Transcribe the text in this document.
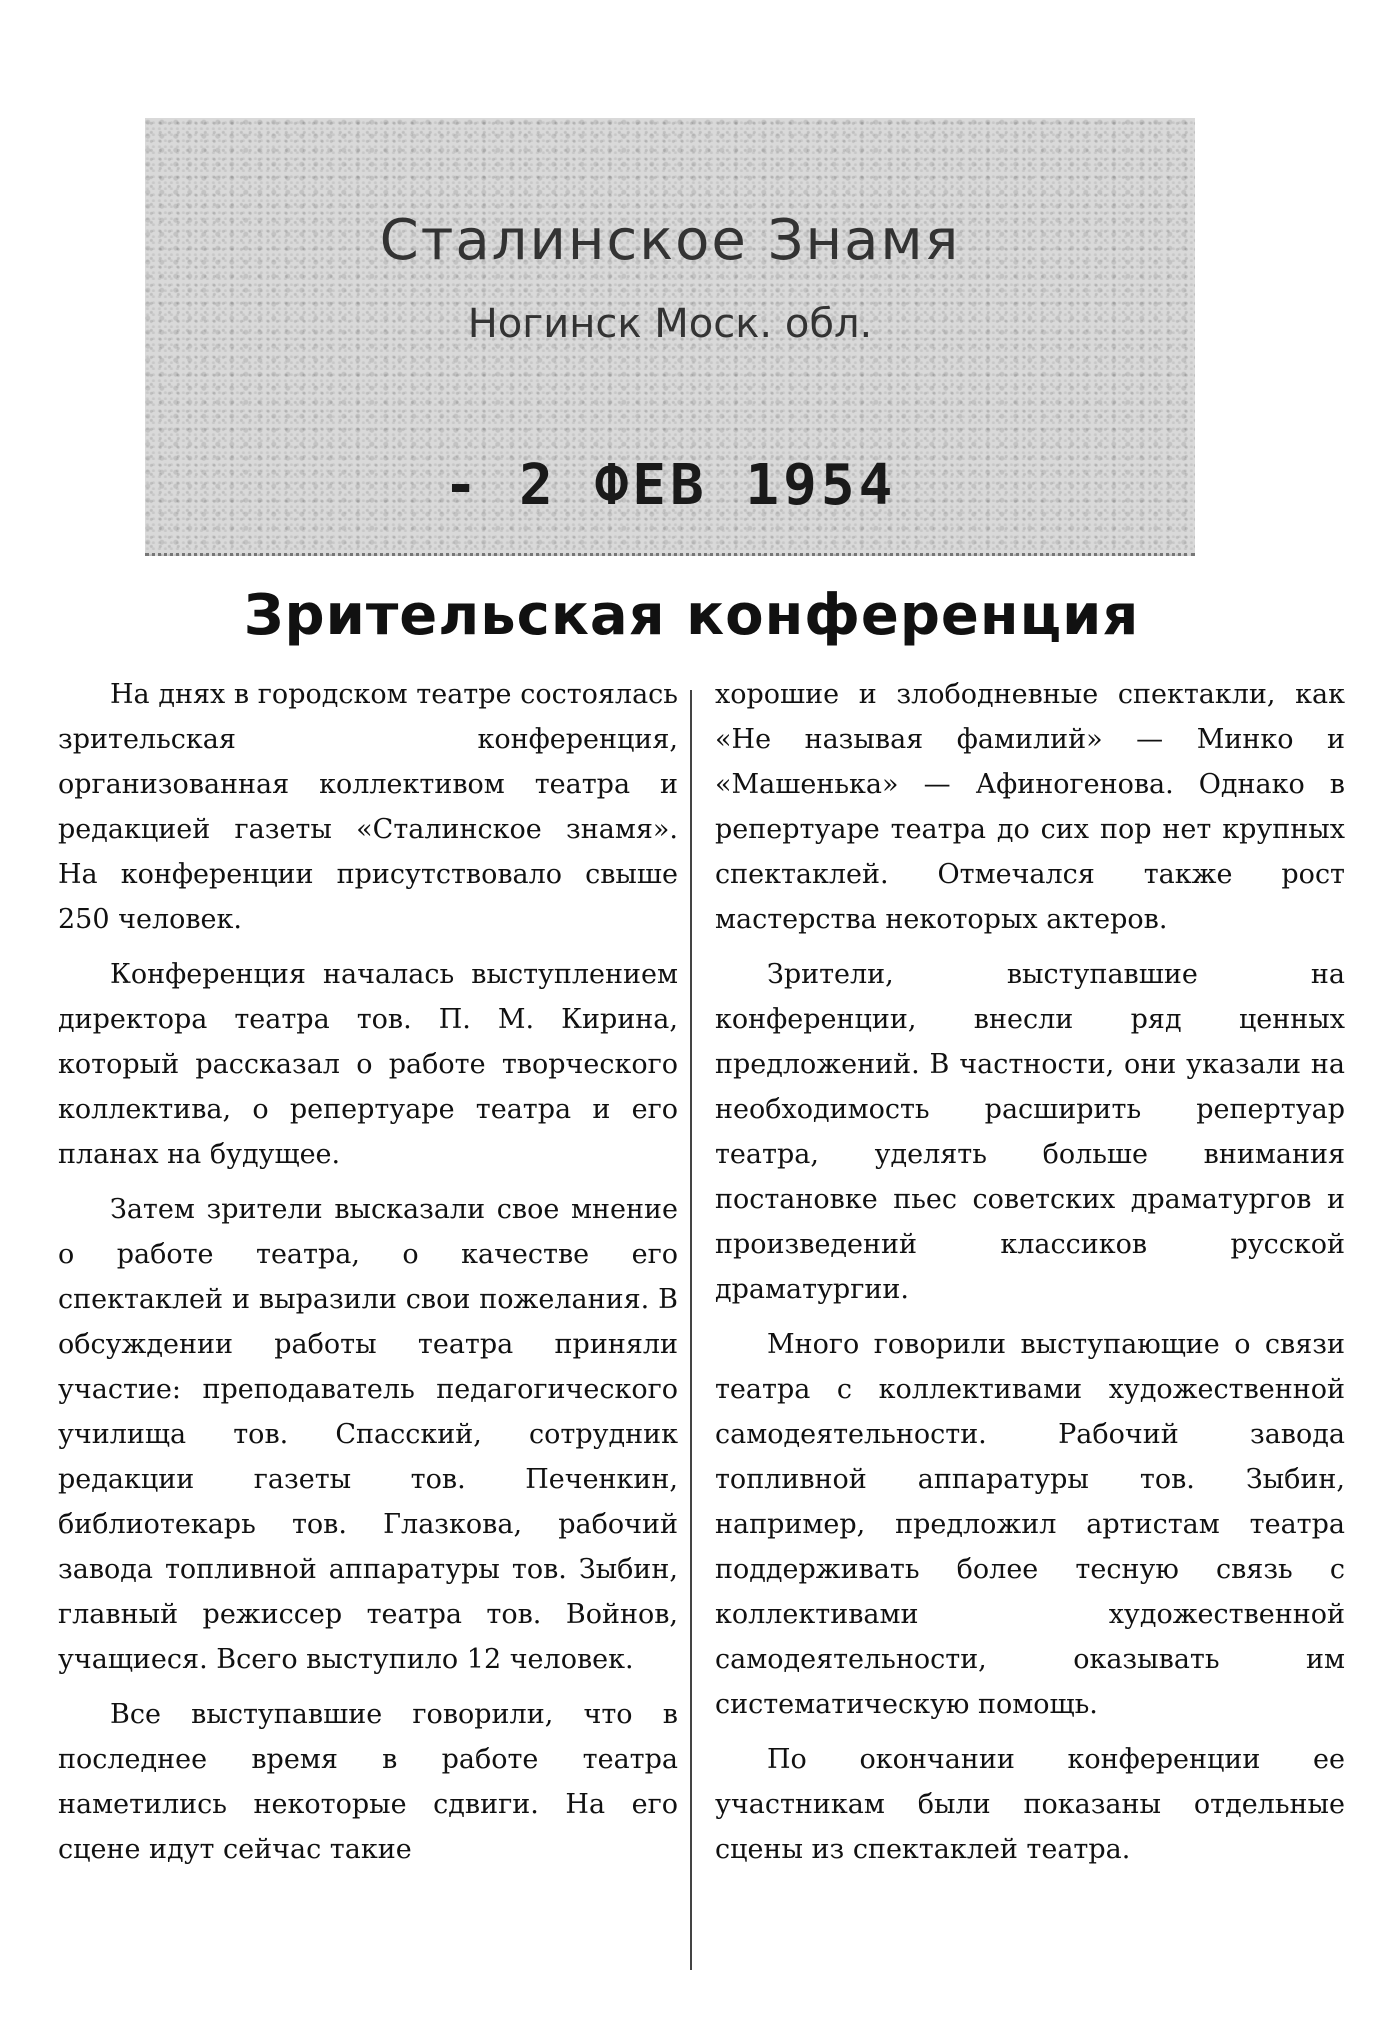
Сталинское Знамя
Ногинск Моск. обл.
- 2 ФЕВ 1954
Зрительская конференция

На днях в городском театре состоялась зрительская конференция, организованная коллективом театра и редакцией газеты «Сталинское знамя». На конференции присутствовало свыше 250 человек.

Конференция началась выступлением директора театра тов. П. М. Кирина, который рассказал о работе творческого коллектива, о репертуаре театра и его планах на будущее.

Затем зрители высказали свое мнение о работе театра, о качестве его спектаклей и выразили свои пожелания. В обсуждении работы театра приняли участие: преподаватель педагогического училища тов. Спасский, сотрудник редакции газеты тов. Печенкин, библиотекарь тов. Глазкова, рабочий завода топливной аппаратуры тов. Зыбин, главный режиссер театра тов. Войнов, учащиеся. Всего выступило 12 человек.

Все выступавшие говорили, что в последнее время в работе театра наметились некоторые сдвиги. На его сцене идут сейчас такие

хорошие и злободневные спектакли, как «Не называя фамилий» — Минко и «Машенька» — Афиногенова. Однако в репертуаре театра до сих пор нет крупных спектаклей. Отмечался также рост мастерства некоторых актеров.

Зрители, выступавшие на конференции, внесли ряд ценных предложений. В частности, они указали на необходимость расширить репертуар театра, уделять больше внимания постановке пьес советских драматургов и произведений классиков русской драматургии.

Много говорили выступающие о связи театра с коллективами художественной самодеятельности. Рабочий завода топливной аппаратуры тов. Зыбин, например, предложил артистам театра поддерживать более тесную связь с коллективами художественной самодеятельности, оказывать им систематическую помощь.

По окончании конференции ее участникам были показаны отдельные сцены из спектаклей театра.
